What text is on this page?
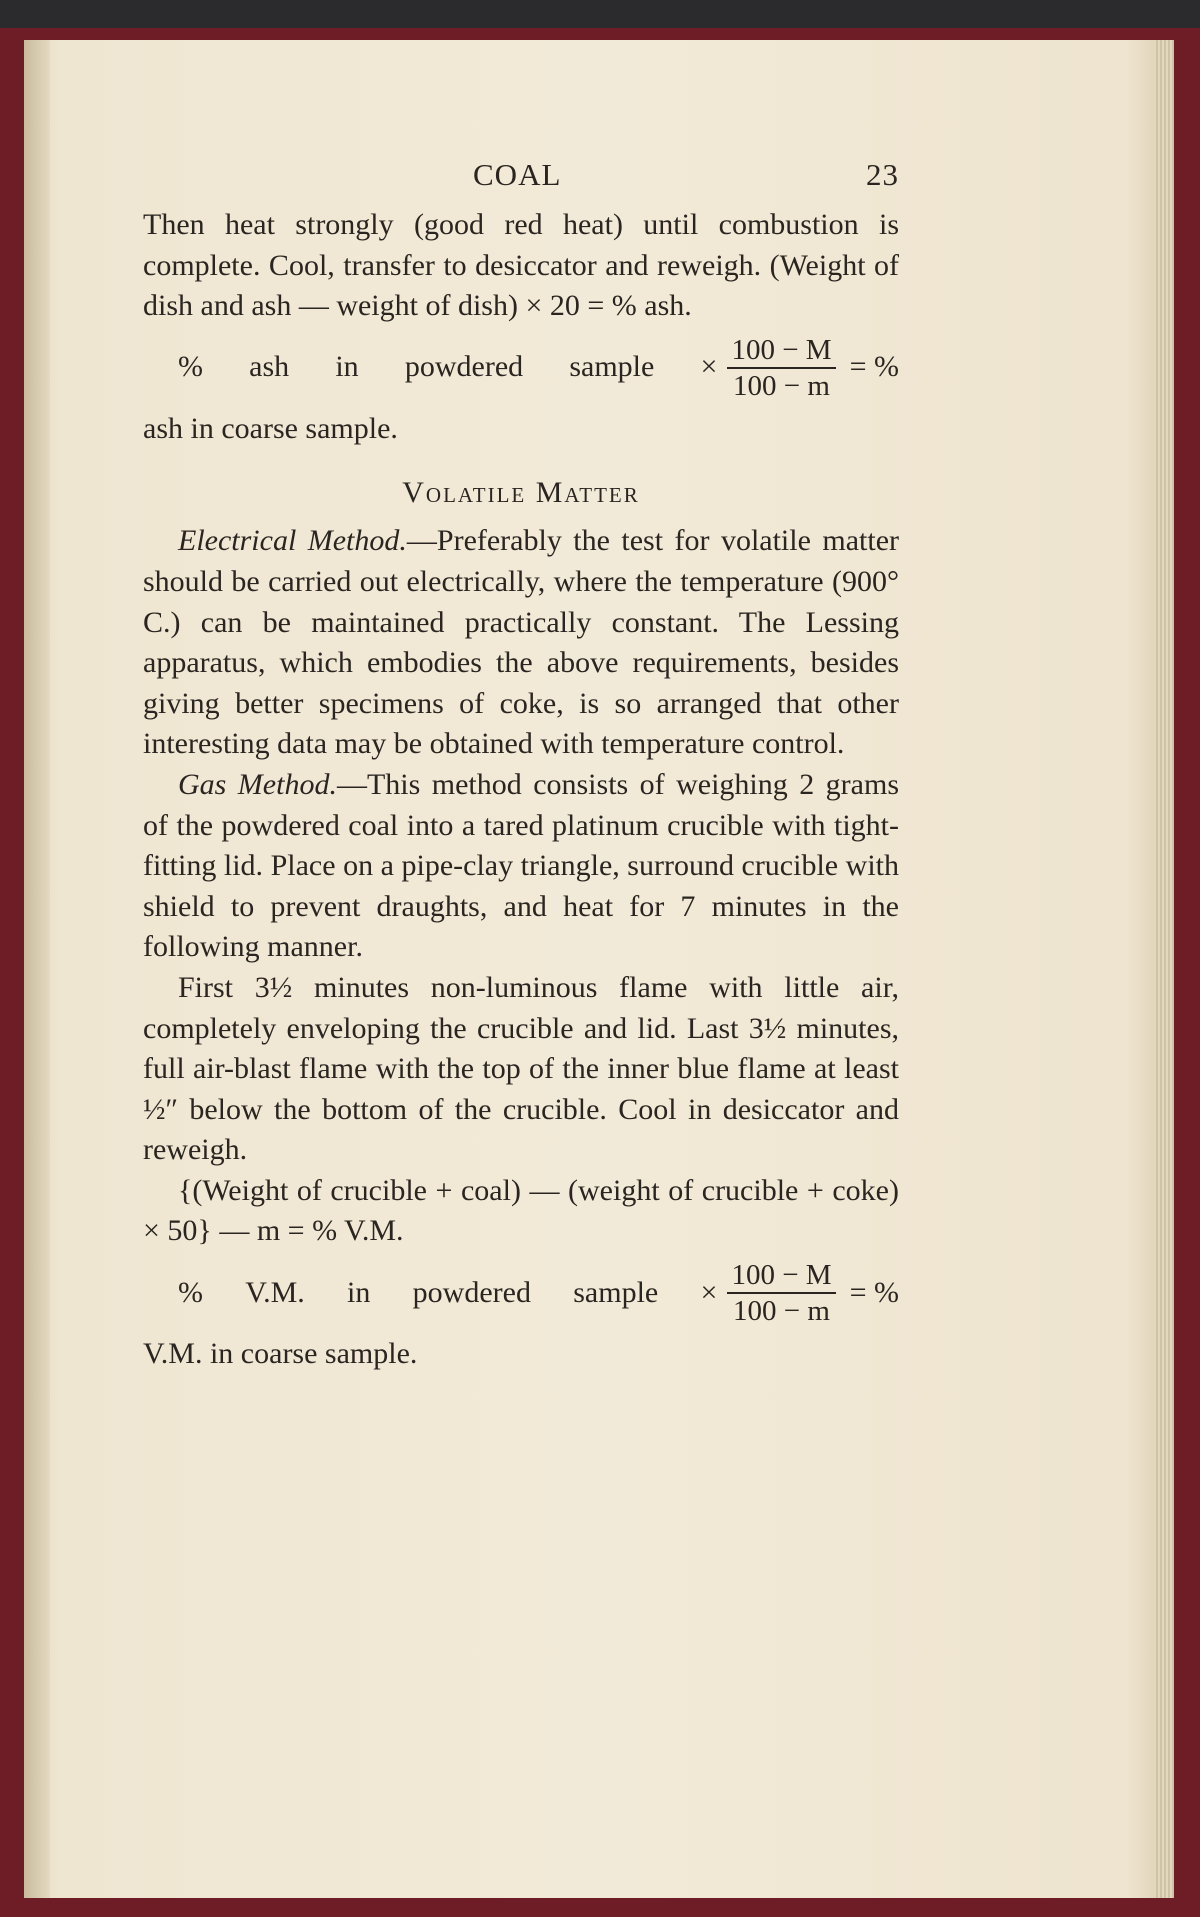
COAL	23

Then heat strongly (good red heat) until combustion is complete. Cool, transfer to desiccator and reweigh. (Weight of dish and ash — weight of dish) × 20 = % ash.

% ash in powdered sample × $\frac{100 - M}{100 - m}$ = %

ash in coarse sample.

Volatile Matter

Electrical Method.—Preferably the test for volatile matter should be carried out electrically, where the temperature (900° C.) can be maintained practically constant. The Lessing apparatus, which embodies the above requirements, besides giving better specimens of coke, is so arranged that other interesting data may be obtained with temperature control.

Gas Method.—This method consists of weighing 2 grams of the powdered coal into a tared platinum crucible with tight-fitting lid. Place on a pipe-clay triangle, surround crucible with shield to prevent draughts, and heat for 7 minutes in the following manner.

First 3½ minutes non-luminous flame with little air, completely enveloping the crucible and lid. Last 3½ minutes, full air-blast flame with the top of the inner blue flame at least ½″ below the bottom of the crucible. Cool in desiccator and reweigh.

{(Weight of crucible + coal) — (weight of crucible + coke) × 50} — m = % V.M.

% V.M. in powdered sample × $\frac{100 - M}{100 - m}$ = %

V.M. in coarse sample.
